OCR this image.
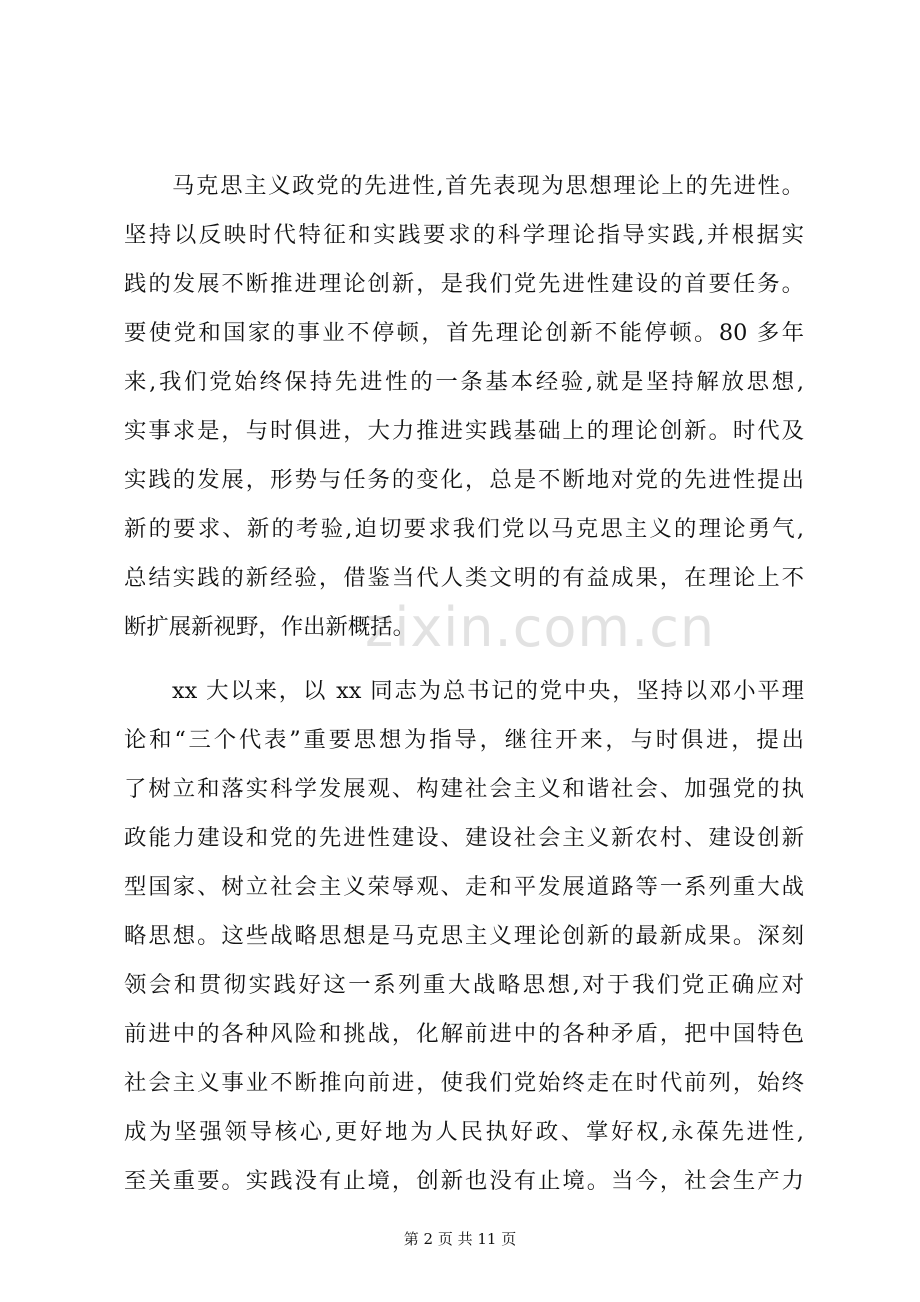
zixin.com.cn
马克思主义政党的先进性,首先表现为思想理论上的先进性。
坚持以反映时代特征和实践要求的科学理论指导实践,并根据实
践的发展不断推进理论创新，是我们党先进性建设的首要任务。
要使党和国家的事业不停顿，首先理论创新不能停顿。80 多年
来,我们党始终保持先进性的一条基本经验,就是坚持解放思想,
实事求是，与时俱进，大力推进实践基础上的理论创新。时代及
实践的发展，形势与任务的变化，总是不断地对党的先进性提出
新的要求、新的考验,迫切要求我们党以马克思主义的理论勇气,
总结实践的新经验，借鉴当代人类文明的有益成果，在理论上不
断扩展新视野，作出新概括。
xx 大以来，以 xx 同志为总书记的党中央，坚持以邓小平理
论和“三个代表”重要思想为指导，继往开来，与时俱进，提出
了树立和落实科学发展观、构建社会主义和谐社会、加强党的执
政能力建设和党的先进性建设、建设社会主义新农村、建设创新
型国家、树立社会主义荣辱观、走和平发展道路等一系列重大战
略思想。这些战略思想是马克思主义理论创新的最新成果。深刻
领会和贯彻实践好这一系列重大战略思想,对于我们党正确应对
前进中的各种风险和挑战，化解前进中的各种矛盾，把中国特色
社会主义事业不断推向前进，使我们党始终走在时代前列，始终
成为坚强领导核心,更好地为人民执好政、掌好权,永葆先进性,
至关重要。实践没有止境，创新也没有止境。当今，社会生产力
第 2 页 共 11 页
